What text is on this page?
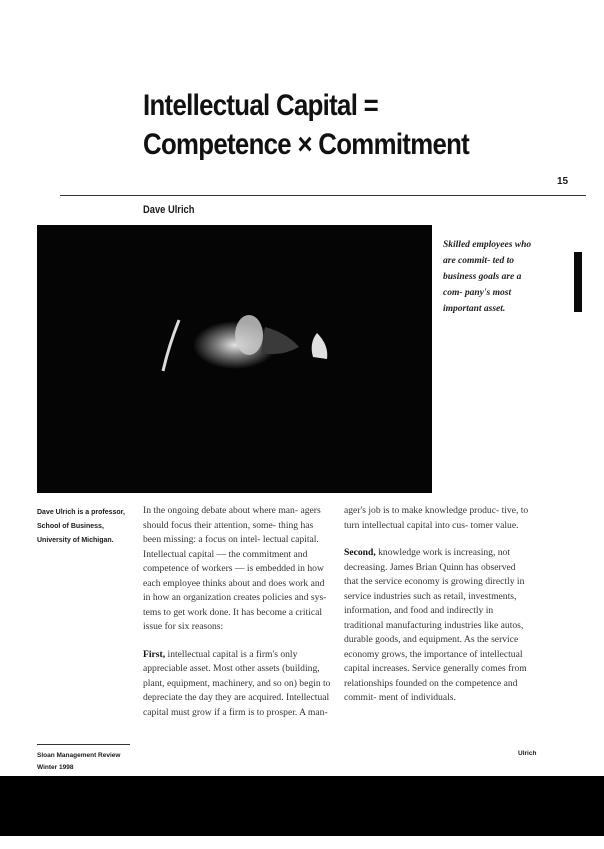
Intellectual Capital =
Competence × Commitment
15
Dave Ulrich
Skilled employees who are commit- ted to business goals are a com- pany's most important asset.
Dave Ulrich is a professor, School of Business, University of Michigan.

In the ongoing debate about where man- agers should focus their attention, some- thing has been missing: a focus on intel- lectual capital. Intellectual capital — the commitment and competence of workers — is embedded in how each employee thinks about and does work and in how an organization creates policies and sys- tems to get work done. It has become a critical issue for six reasons:

First, intellectual capital is a firm's only appreciable asset. Most other assets (building, plant, equipment, machinery, and so on) begin to depreciate the day they are acquired. Intellectual capital must grow if a firm is to prosper. A man-

ager's job is to make knowledge produc- tive, to turn intellectual capital into cus- tomer value.

Second, knowledge work is increasing, not decreasing. James Brian Quinn has observed that the service economy is growing directly in service industries such as retail, investments, information, and food and indirectly in traditional manufacturing industries like autos, durable goods, and equipment. As the service economy grows, the importance of intellectual capital increases. Service generally comes from relationships founded on the competence and commit- ment of individuals.

Sloan Management Review
Winter 1998
Ulrich
